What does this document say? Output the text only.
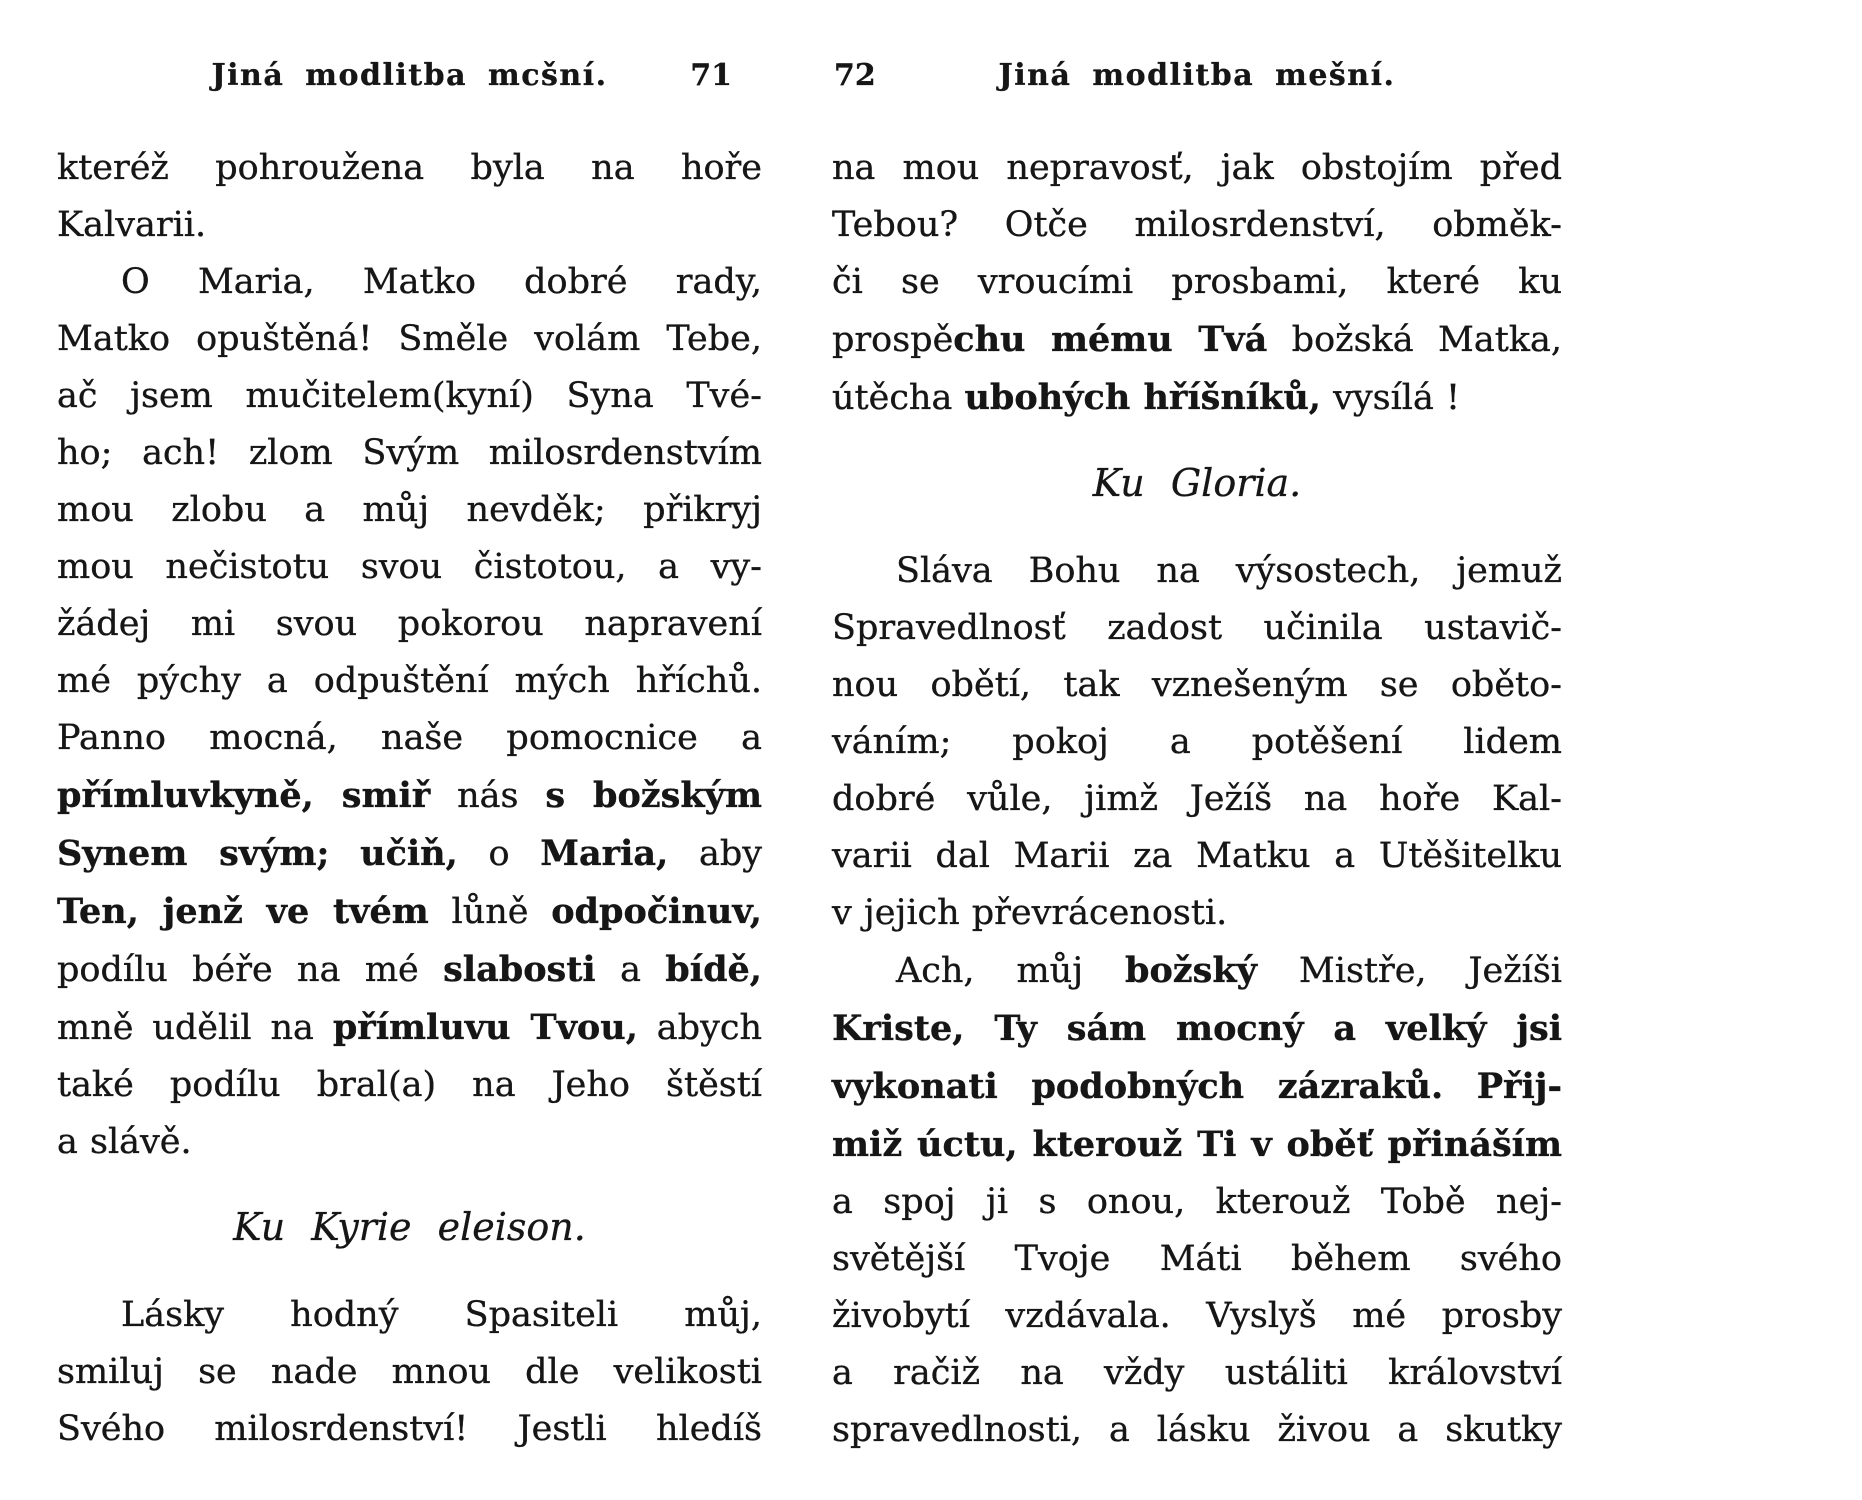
Jiná modlitba mcšní.	71
kteréž pohroužena byla na hoře
Kalvarii.
O Maria, Matko dobré rady,
Matko opuštěná! Směle volám Tebe,
ač jsem mučitelem(kyní) Syna Tvé-
ho; ach! zlom Svým milosrdenstvím
mou zlobu a můj nevděk; přikryj
mou nečistotu svou čistotou, a vy-
žádej mi svou pokorou napravení
mé pýchy a odpuštění mých hříchů.
Panno mocná, naše pomocnice a
přímluvkyně, smiř nás s božským
Synem svým; učiň, o Maria, aby
Ten, jenž ve tvém lůně odpočinuv,
podílu béře na mé slabosti a bídě,
mně udělil na přímluvu Tvou, abych
také podílu bral(a) na Jeho štěstí
a slávě.
Ku Kyrie eleison.
Lásky hodný Spasiteli můj,
smiluj se nade mnou dle velikosti
Svého milosrdenství! Jestli hledíš
72	Jiná modlitba mešní.
na mou nepravosť, jak obstojím před
Tebou? Otče milosrdenství, obměk-
či se vroucími prosbami, které ku
prospěchu mému Tvá božská Matka,
útěcha ubohých hříšníků, vysílá !
Ku Gloria.
Sláva Bohu na výsostech, jemuž
Spravedlnosť zadost učinila ustavič-
nou obětí, tak vznešeným se oběto-
váním; pokoj a potěšení lidem
dobré vůle, jimž Ježíš na hoře Kal-
varii dal Marii za Matku a Utěšitelku
v jejich převrácenosti.
Ach, můj božský Mistře, Ježíši
Kriste, Ty sám mocný a velký jsi
vykonati podobných zázraků. Přij-
miž úctu, kterouž Ti v oběť přináším
a spoj ji s onou, kterouž Tobě nej-
světější Tvoje Máti během svého
živobytí vzdávala. Vyslyš mé prosby
a račiž na vždy ustáliti království
spravedlnosti, a lásku živou a skutky
